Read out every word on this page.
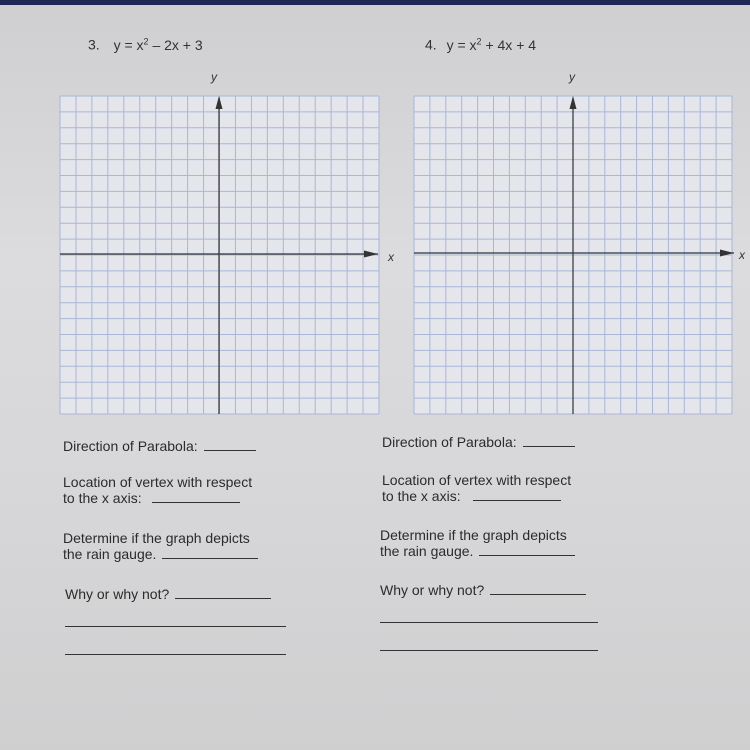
3. $y = x^2 - 2x + 3$	4. $y = x^2 + 4x + 4$
y
x
y
x
Direction of Parabola:
Location of vertex with respect
to the x axis:
Determine if the graph depicts
the rain gauge.
Why or why not?
Direction of Parabola:
Location of vertex with respect
to the x axis:
Determine if the graph depicts
the rain gauge.
Why or why not?
